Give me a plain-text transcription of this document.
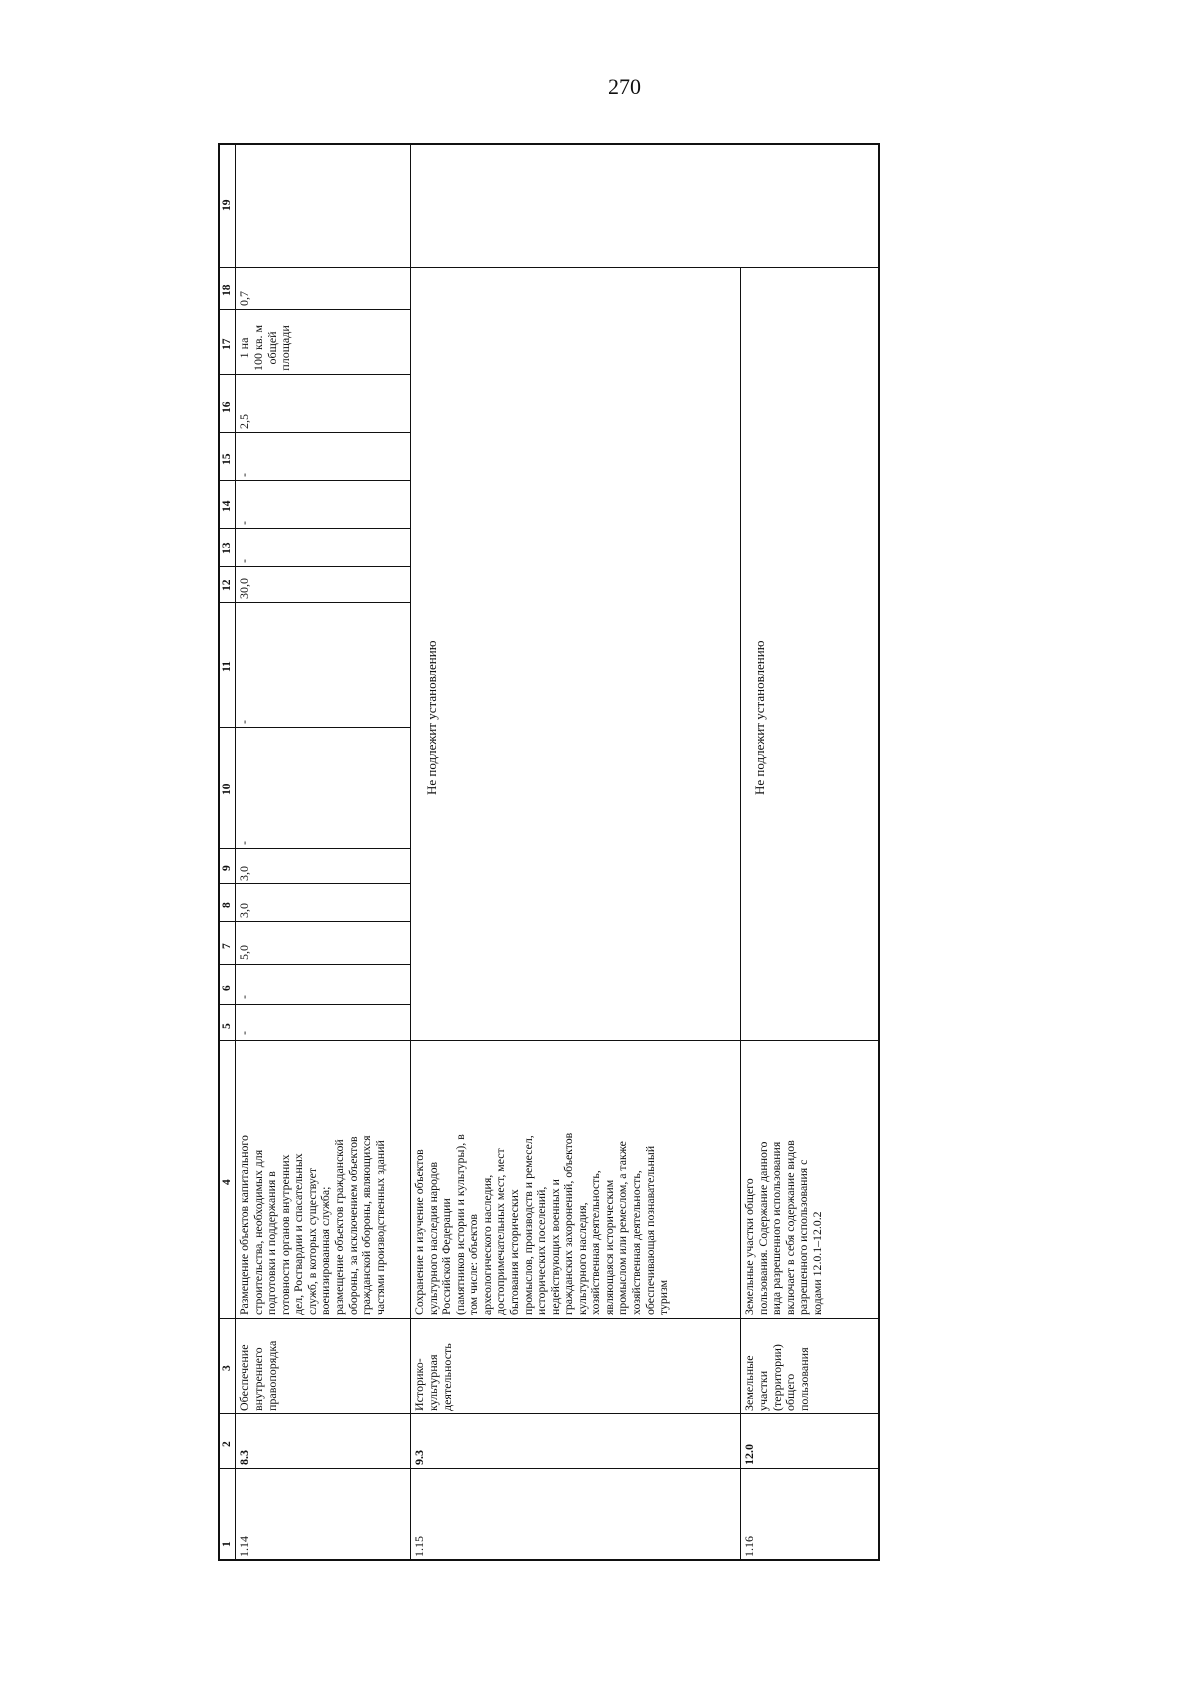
270
1
2
3
4
5
6
7
8
9
10
11
12
13
14
15
16
17
18
19
1.14
8.3
Обеспечение
внутреннего
правопорядка
Размещение объектов капитального
строительства, необходимых для
подготовки и поддержания в
готовности органов внутренних
дел, Росгвардии и спасательных
служб, в которых существует
военизированная служба;
размещение объектов гражданской
обороны, за исключением объектов
гражданской обороны, являющихся
частями производственных зданий
-
-
5,0
3,0
3,0
-
-
30,0
-
-
-
2,5
1 на
100 кв. м
общей
площади
0,7
1.15
9.3
Историко-
культурная
деятельность
Сохранение и изучение объектов
культурного наследия народов
Российской Федерации
(памятников истории и культуры), в
том числе: объектов
археологического наследия,
достопримечательных мест, мест
бытования исторических
промыслов, производств и ремесел,
исторических поселений,
недействующих военных и
гражданских захоронений, объектов
культурного наследия,
хозяйственная деятельность,
являющаяся историческим
промыслом или ремеслом, а также
хозяйственная деятельность,
обеспечивающая познавательный
туризм
Не подлежит установлению
1.16
12.0
Земельные
участки
(территории)
общего
пользования
Земельные участки общего
пользования. Содержание данного
вида разрешенного использования
включает в себя содержание видов
разрешенного использования с
кодами 12.0.1–12.0.2
Не подлежит установлению
